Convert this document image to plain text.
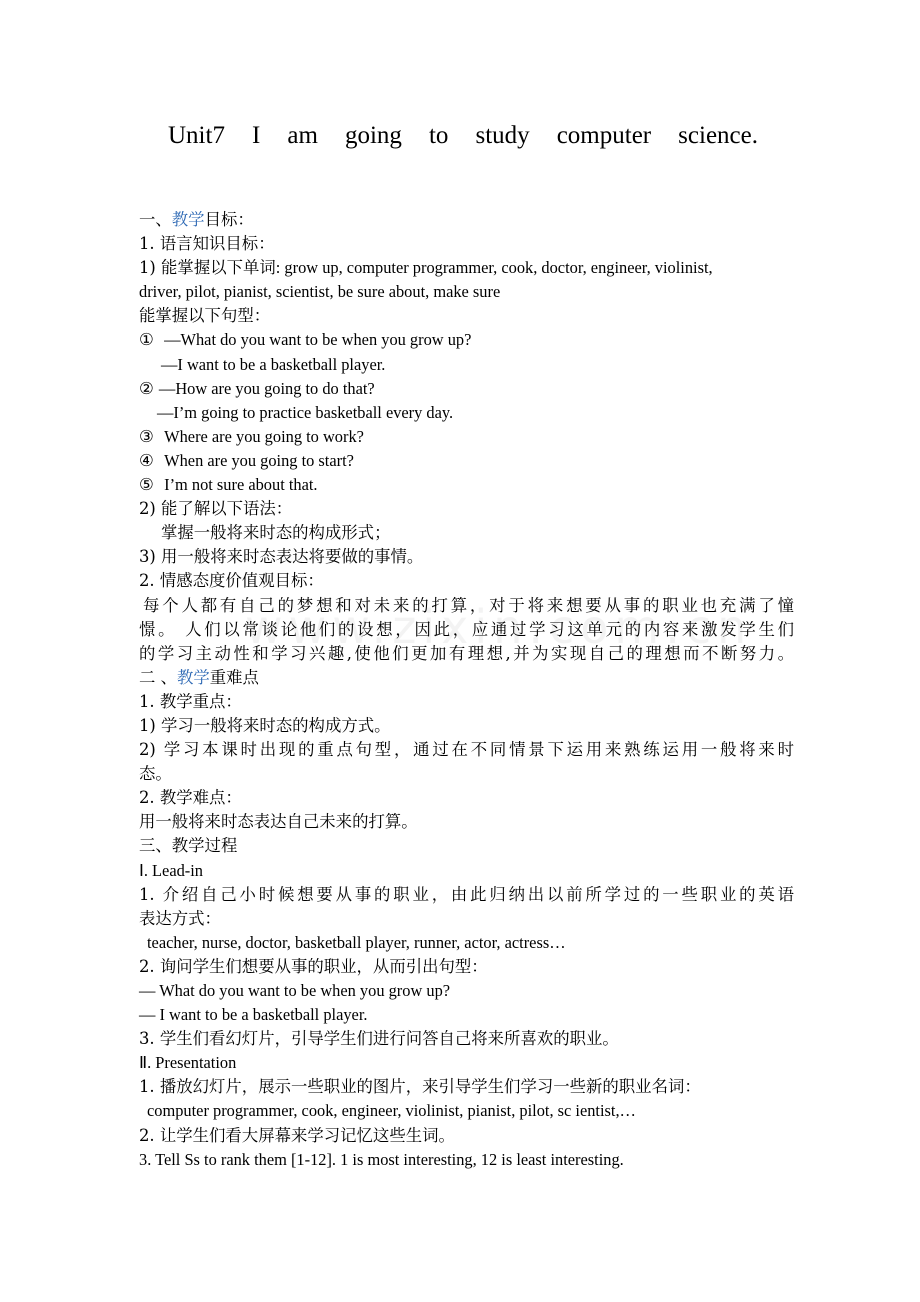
Unit7 I am going to study computer science.
一、教学目标：
1. 语言知识目标：
1) 能掌握以下单词: grow up, computer programmer, cook, doctor, engineer, violinist,
driver, pilot, pianist, scientist, be sure about, make sure
能掌握以下句型：
① —What do you want to be when you grow up?
—I want to be a basketball player.
② —How are you going to do that?
—I’m going to practice basketball every day.
③ Where are you going to work?
④ When are you going to start?
⑤ I’m not sure about that.
2) 能了解以下语法：
掌握一般将来时态的构成形式；
3) 用一般将来时态表达将要做的事情。
2. 情感态度价值观目标：
每个人都有自己的梦想和对未来的打算，对于将来想要从事的职业也充满了憧
憬。 人们以常谈论他们的设想，因此，应通过学习这单元的内容来激发学生们
的学习主动性和学习兴趣,使他们更加有理想,并为实现自己的理想而不断努力。
二 、教学重难点
1. 教学重点：
1) 学习一般将来时态的构成方式。
2) 学习本课时出现的重点句型，通过在不同情景下运用来熟练运用一般将来时
态。
2. 教学难点：
用一般将来时态表达自己未来的打算。
三、教学过程
Ⅰ. Lead-in
1. 介绍自己小时候想要从事的职业，由此归纳出以前所学过的一些职业的英语
表达方式：
teacher, nurse, doctor, basketball player, runner, actor, actress…
2. 询问学生们想要从事的职业，从而引出句型：
— What do you want to be when you grow up?
— I want to be a basketball player.
3. 学生们看幻灯片，引导学生们进行问答自己将来所喜欢的职业。
Ⅱ. Presentation
1. 播放幻灯片，展示一些职业的图片，来引导学生们学习一些新的职业名词：
computer programmer, cook, engineer, violinist, pianist, pilot, sc ientist,…
2. 让学生们看大屏幕来学习记忆这些生词。
3. Tell Ss to rank them [1-12]. 1 is most interesting, 12 is least interesting.
